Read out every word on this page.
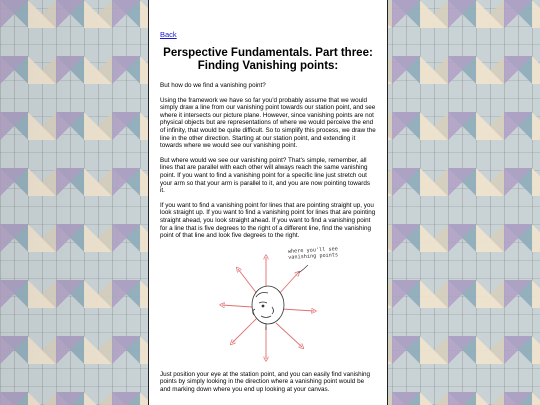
Back
Perspective Fundamentals. Part three:
Finding Vanishing points:

But how do we find a vanishing point?

Using the framework we have so far you'd probably assume that we would simply draw a line from our vanishing point towards our station point, and see where it intersects our picture plane. However, since vanishing points are not physical objects but are representations of where we would perceive the end of infinity, that would be quite difficult. So to simplify this process, we draw the line in the other direction. Starting at our station point, and extending it towards where we would see our vanishing point.

But where would we see our vanishing point? That's simple, remember, all lines that are parallel with each other will always reach the same vanishing point. If you want to find a vanishing point for a specific line just stretch out your arm so that your arm is parallel to it, and you are now pointing towards it.

If you want to find a vanishing point for lines that are pointing straight up, you look straight up. If you want to find a vanishing point for lines that are pointing straight ahead, you look straight ahead. If you want to find a vanishing point for a line that is five degrees to the right of a different line, find the vanishing point of that line and look five degrees to the right.

where you'll see vanishing points

Just position your eye at the station point, and you can easily find vanishing points by simply looking in the direction where a vanishing point would be and marking down where you end up looking at your canvas.
